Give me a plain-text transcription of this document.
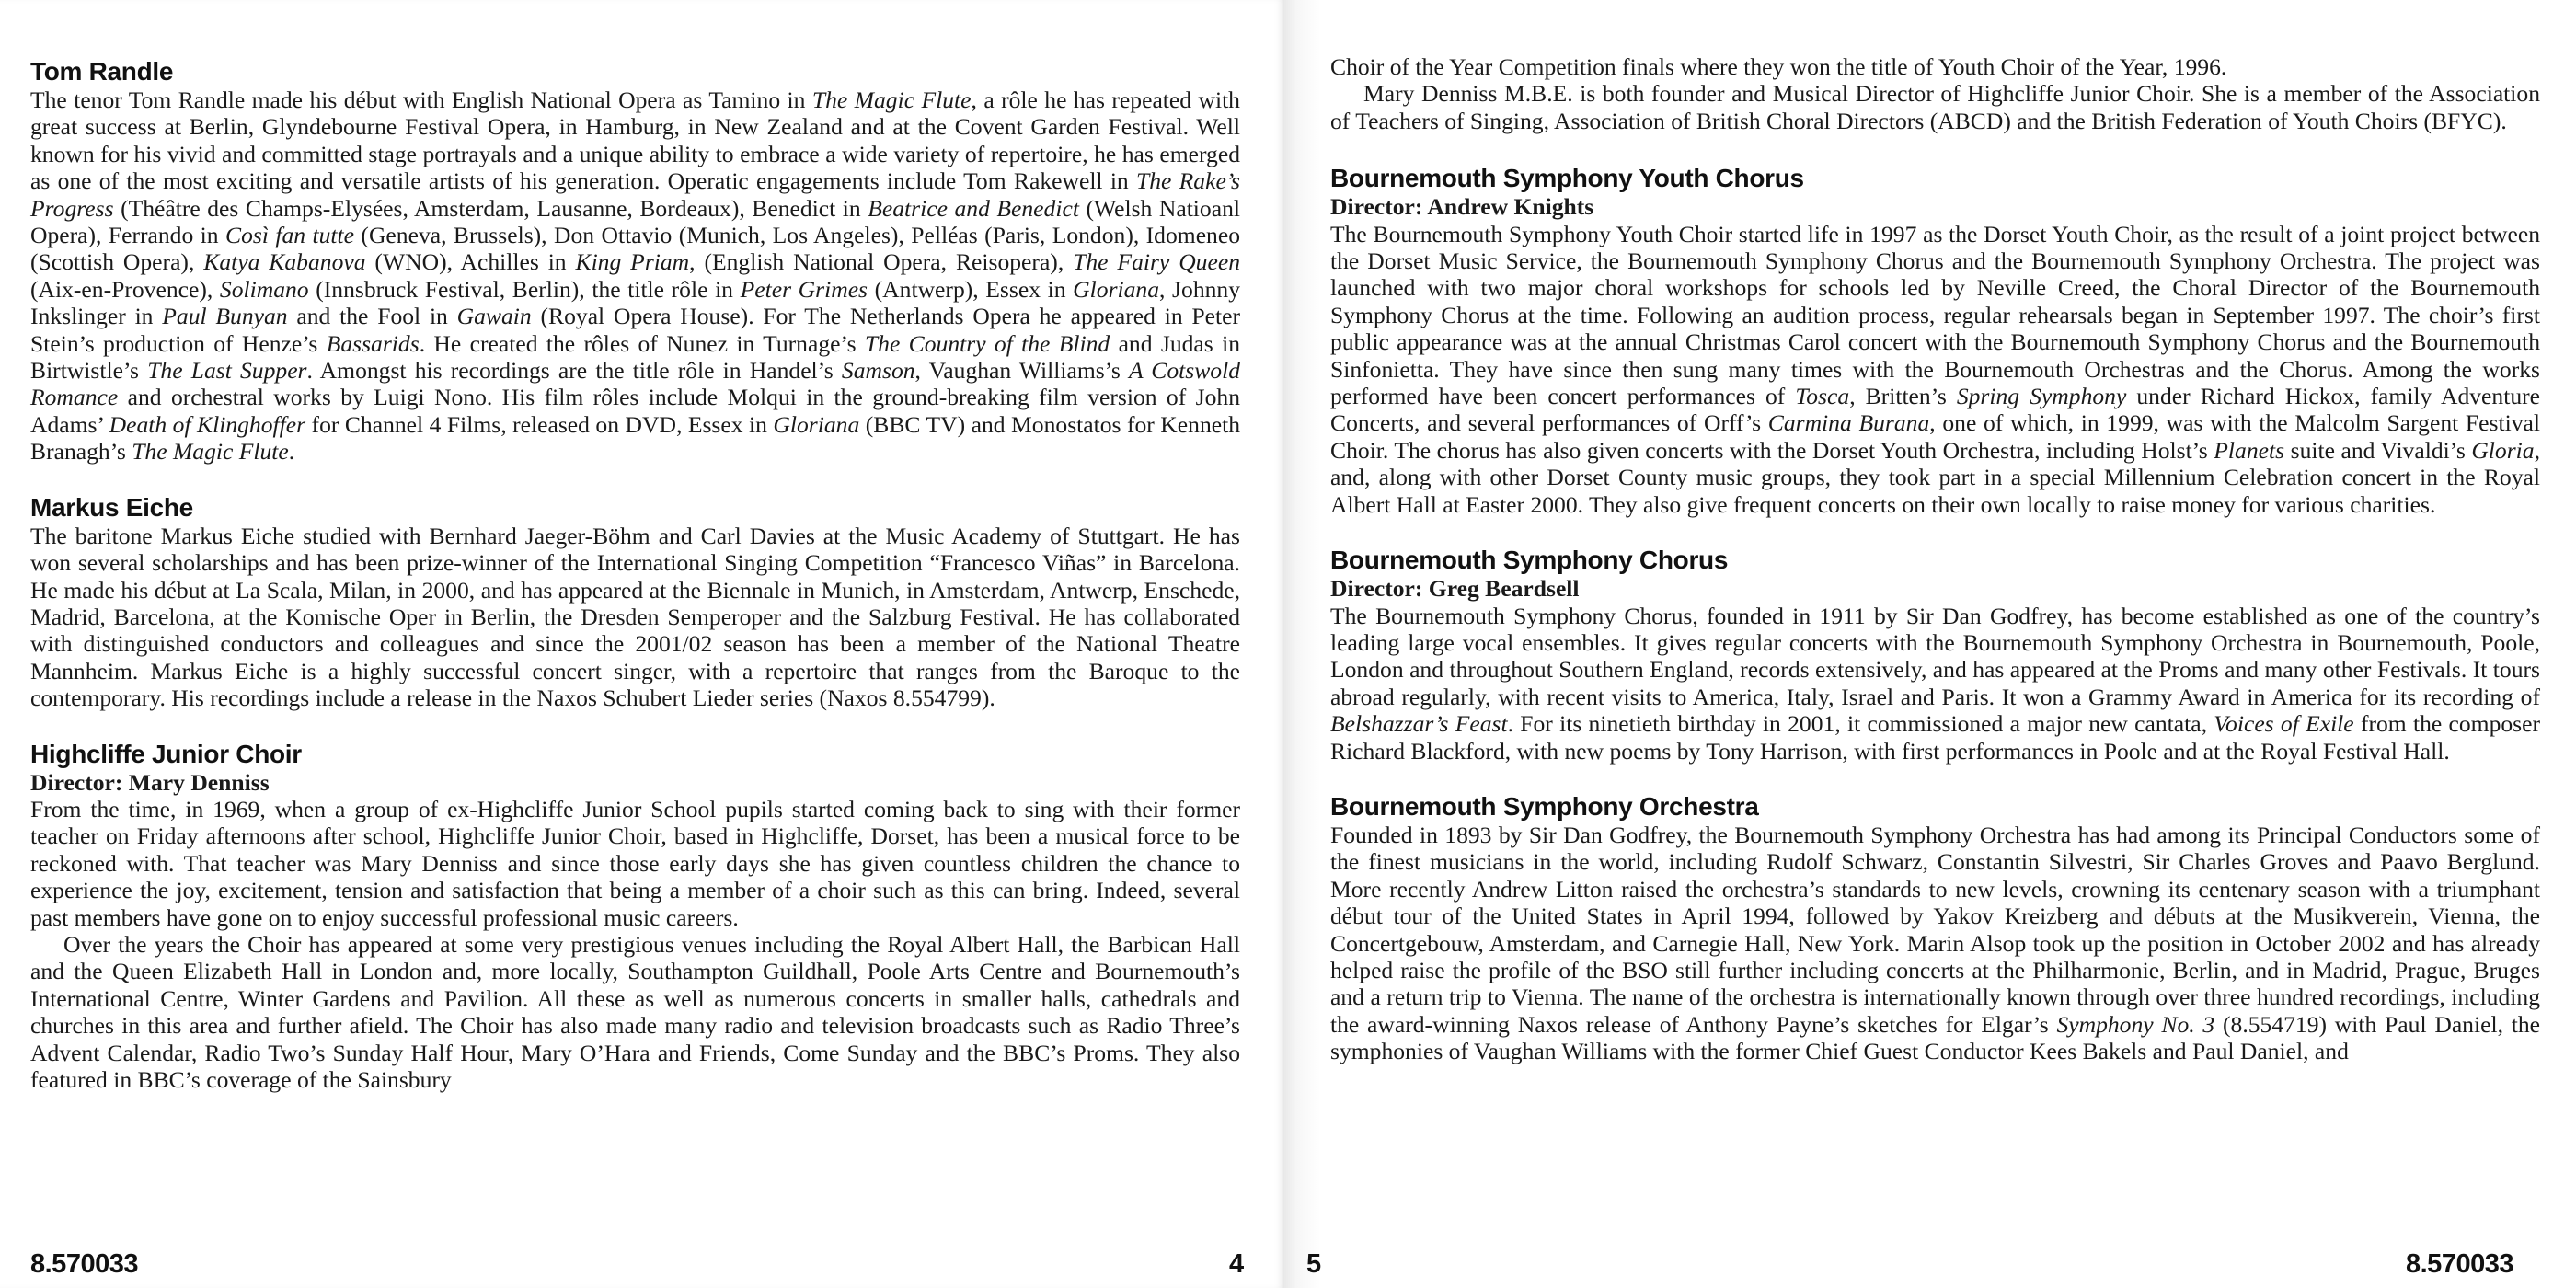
Tom Randle

The tenor Tom Randle made his début with English National Opera as Tamino in The Magic Flute, a rôle he has repeated with great success at Berlin, Glyndebourne Festival Opera, in Hamburg, in New Zealand and at the Covent Garden Festival. Well known for his vivid and committed stage portrayals and a unique ability to embrace a wide variety of repertoire, he has emerged as one of the most exciting and versatile artists of his generation. Operatic engagements include Tom Rakewell in The Rake’s Progress (Théâtre des Champs-Elysées, Amsterdam, Lausanne, Bordeaux), Benedict in Beatrice and Benedict (Welsh Natioanl Opera), Ferrando in Così fan tutte (Geneva, Brussels), Don Ottavio (Munich, Los Angeles), Pelléas (Paris, London), Idomeneo (Scottish Opera), Katya Kabanova (WNO), Achilles in King Priam, (English National Opera, Reisopera), The Fairy Queen (Aix-en-Provence), Solimano (Innsbruck Festival, Berlin), the title rôle in Peter Grimes (Antwerp), Essex in Gloriana, Johnny Inkslinger in Paul Bunyan and the Fool in Gawain (Royal Opera House). For The Netherlands Opera he appeared in Peter Stein’s production of Henze’s Bassarids. He created the rôles of Nunez in Turnage’s The Country of the Blind and Judas in Birtwistle’s The Last Supper. Amongst his recordings are the title rôle in Handel’s Samson, Vaughan Williams’s A Cotswold Romance and orchestral works by Luigi Nono. His film rôles include Molqui in the ground-breaking film version of John Adams’ Death of Klinghoffer for Channel 4 Films, released on DVD, Essex in Gloriana (BBC TV) and Monostatos for Kenneth Branagh’s The Magic Flute.

Markus Eiche

The baritone Markus Eiche studied with Bernhard Jaeger-Böhm and Carl Davies at the Music Academy of Stuttgart. He has won several scholarships and has been prize-winner of the International Singing Competition “Francesco Viñas” in Barcelona. He made his début at La Scala, Milan, in 2000, and has appeared at the Biennale in Munich, in Amsterdam, Antwerp, Enschede, Madrid, Barcelona, at the Komische Oper in Berlin, the Dresden Semperoper and the Salzburg Festival. He has collaborated with distinguished conductors and colleagues and since the 2001/02 season has been a member of the National Theatre Mannheim. Markus Eiche is a highly successful concert singer, with a repertoire that ranges from the Baroque to the contemporary. His recordings include a release in the Naxos Schubert Lieder series (Naxos 8.554799).

Highcliffe Junior Choir

Director: Mary Denniss

From the time, in 1969, when a group of ex-Highcliffe Junior School pupils started coming back to sing with their former teacher on Friday afternoons after school, Highcliffe Junior Choir, based in Highcliffe, Dorset, has been a musical force to be reckoned with. That teacher was Mary Denniss and since those early days she has given countless children the chance to experience the joy, excitement, tension and satisfaction that being a member of a choir such as this can bring. Indeed, several past members have gone on to enjoy successful professional music careers.

Over the years the Choir has appeared at some very prestigious venues including the Royal Albert Hall, the Barbican Hall and the Queen Elizabeth Hall in London and, more locally, Southampton Guildhall, Poole Arts Centre and Bournemouth’s International Centre, Winter Gardens and Pavilion. All these as well as numerous concerts in smaller halls, cathedrals and churches in this area and further afield. The Choir has also made many radio and television broadcasts such as Radio Three’s Advent Calendar, Radio Two’s Sunday Half Hour, Mary O’Hara and Friends, Come Sunday and the BBC’s Proms. They also featured in BBC’s coverage of the Sainsbury

8.570033	4

Choir of the Year Competition finals where they won the title of Youth Choir of the Year, 1996.

Mary Denniss M.B.E. is both founder and Musical Director of Highcliffe Junior Choir. She is a member of the Association of Teachers of Singing, Association of British Choral Directors (ABCD) and the British Federation of Youth Choirs (BFYC).

Bournemouth Symphony Youth Chorus

Director: Andrew Knights

The Bournemouth Symphony Youth Choir started life in 1997 as the Dorset Youth Choir, as the result of a joint project between the Dorset Music Service, the Bournemouth Symphony Chorus and the Bournemouth Symphony Orchestra. The project was launched with two major choral workshops for schools led by Neville Creed, the Choral Director of the Bournemouth Symphony Chorus at the time. Following an audition process, regular rehearsals began in September 1997. The choir’s first public appearance was at the annual Christmas Carol concert with the Bournemouth Symphony Chorus and the Bournemouth Sinfonietta. They have since then sung many times with the Bournemouth Orchestras and the Chorus. Among the works performed have been concert performances of Tosca, Britten’s Spring Symphony under Richard Hickox, family Adventure Concerts, and several performances of Orff’s Carmina Burana, one of which, in 1999, was with the Malcolm Sargent Festival Choir. The chorus has also given concerts with the Dorset Youth Orchestra, including Holst’s Planets suite and Vivaldi’s Gloria, and, along with other Dorset County music groups, they took part in a special Millennium Celebration concert in the Royal Albert Hall at Easter 2000. They also give frequent concerts on their own locally to raise money for various charities.

Bournemouth Symphony Chorus

Director: Greg Beardsell

The Bournemouth Symphony Chorus, founded in 1911 by Sir Dan Godfrey, has become established as one of the country’s leading large vocal ensembles. It gives regular concerts with the Bournemouth Symphony Orchestra in Bournemouth, Poole, London and throughout Southern England, records extensively, and has appeared at the Proms and many other Festivals. It tours abroad regularly, with recent visits to America, Italy, Israel and Paris. It won a Grammy Award in America for its recording of Belshazzar’s Feast. For its ninetieth birthday in 2001, it commissioned a major new cantata, Voices of Exile from the composer Richard Blackford, with new poems by Tony Harrison, with first performances in Poole and at the Royal Festival Hall.

Bournemouth Symphony Orchestra

Founded in 1893 by Sir Dan Godfrey, the Bournemouth Symphony Orchestra has had among its Principal Conductors some of the finest musicians in the world, including Rudolf Schwarz, Constantin Silvestri, Sir Charles Groves and Paavo Berglund. More recently Andrew Litton raised the orchestra’s standards to new levels, crowning its centenary season with a triumphant début tour of the United States in April 1994, followed by Yakov Kreizberg and débuts at the Musikverein, Vienna, the Concertgebouw, Amsterdam, and Carnegie Hall, New York. Marin Alsop took up the position in October 2002 and has already helped raise the profile of the BSO still further including concerts at the Philharmonie, Berlin, and in Madrid, Prague, Bruges and a return trip to Vienna. The name of the orchestra is internationally known through over three hundred recordings, including the award-winning Naxos release of Anthony Payne’s sketches for Elgar’s Symphony No. 3 (8.554719) with Paul Daniel, the symphonies of Vaughan Williams with the former Chief Guest Conductor Kees Bakels and Paul Daniel, and

5	8.570033
